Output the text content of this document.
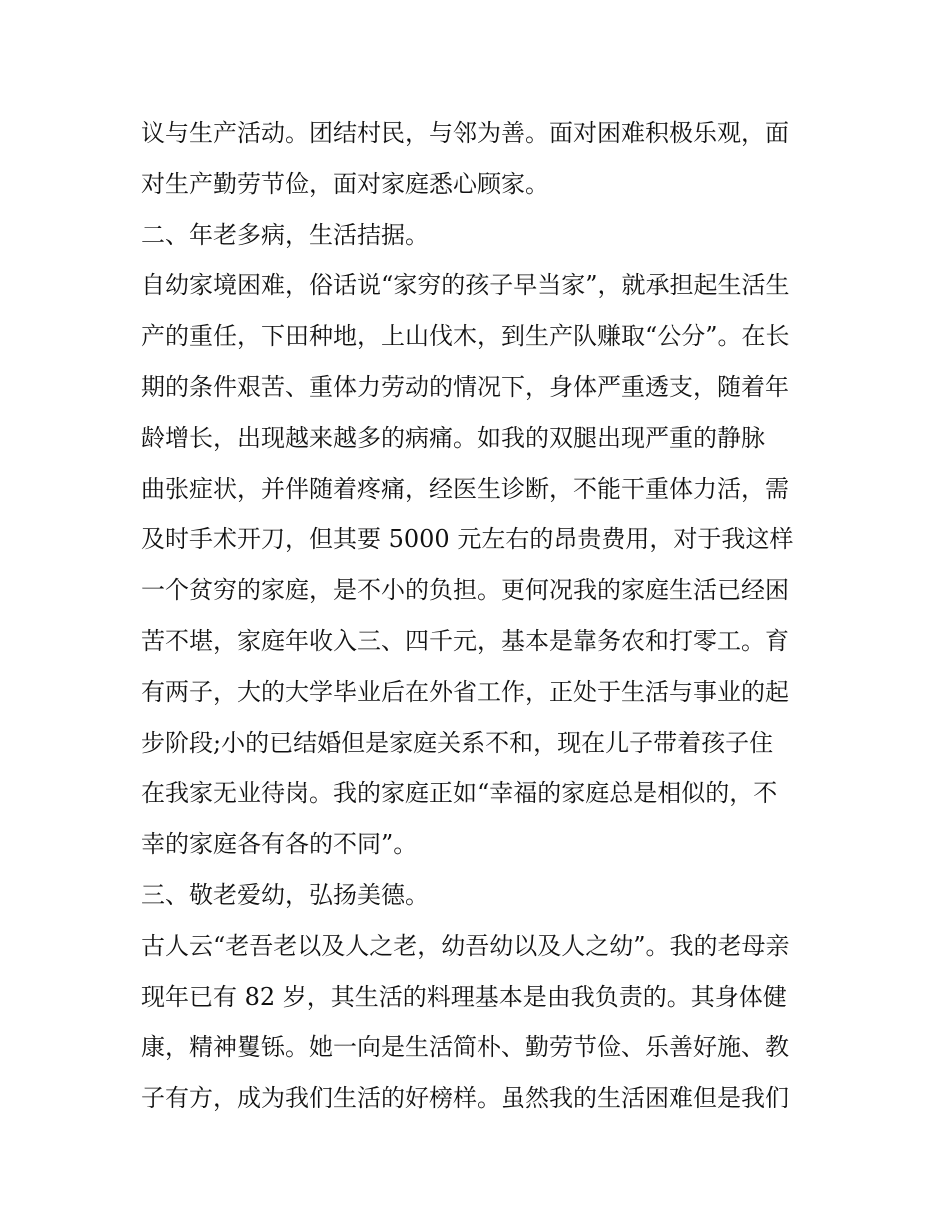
议与生产活动。团结村民，与邻为善。面对困难积极乐观，面
对生产勤劳节俭，面对家庭悉心顾家。
二、年老多病，生活拮据。
自幼家境困难，俗话说“家穷的孩子早当家”，就承担起生活生
产的重任，下田种地，上山伐木，到生产队赚取“公分”。在长
期的条件艰苦、重体力劳动的情况下，身体严重透支，随着年
龄增长，出现越来越多的病痛。如我的双腿出现严重的静脉
曲张症状，并伴随着疼痛，经医生诊断，不能干重体力活，需
及时手术开刀，但其要 5000 元左右的昂贵费用，对于我这样
一个贫穷的家庭，是不小的负担。更何况我的家庭生活已经困
苦不堪，家庭年收入三、四千元，基本是靠务农和打零工。育
有两子，大的大学毕业后在外省工作，正处于生活与事业的起
步阶段;小的已结婚但是家庭关系不和，现在儿子带着孩子住
在我家无业待岗。我的家庭正如“幸福的家庭总是相似的，不
幸的家庭各有各的不同”。
三、敬老爱幼，弘扬美德。
古人云“老吾老以及人之老，幼吾幼以及人之幼”。我的老母亲
现年已有 82 岁，其生活的料理基本是由我负责的。其身体健
康，精神矍铄。她一向是生活简朴、勤劳节俭、乐善好施、教
子有方，成为我们生活的好榜样。虽然我的生活困难但是我们
